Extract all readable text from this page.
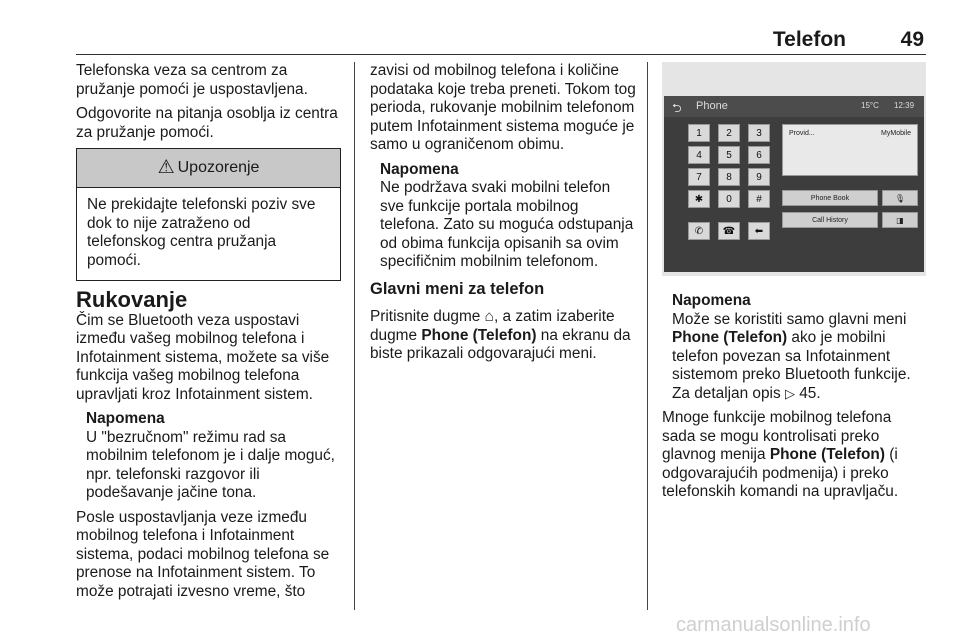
Telefon	49

Telefonska veza sa centrom za pružanje pomoći je uspostavljena.

Odgovorite na pitanja osoblja iz centra za pružanje pomoći.

⚠ Upozorenje
Ne prekidajte telefonski poziv sve dok to nije zatraženo od telefonskog centra pružanja pomoći.
Rukovanje

Čim se Bluetooth veza uspostavi između vašeg mobilnog telefona i Infotainment sistema, možete sa više funkcija vašeg mobilnog telefona upravljati kroz Infotainment sistem.

Napomena
U "bezručnom" režimu rad sa mobilnim telefonom je i dalje moguć, npr. telefonski razgovor ili podešavanje jačine tona.

Posle uspostavljanja veze između mobilnog telefona i Infotainment sistema, podaci mobilnog telefona se prenose na Infotainment sistem. To može potrajati izvesno vreme, što

zavisi od mobilnog telefona i količine podataka koje treba preneti. Tokom tog perioda, rukovanje mobilnim telefonom putem Infotainment sistema moguće je samo u ograničenom obimu.

Napomena
Ne podržava svaki mobilni telefon sve funkcije portala mobilnog telefona. Zato su moguća odstupanja od obima funkcija opisanih sa ovim specifičnim mobilnim telefonom.
Glavni meni za telefon

Pritisnite dugme ⌂, a zatim izaberite dugme Phone (Telefon) na ekranu da biste prikazali odgovarajući meni.

⮌ Phone	15°C 12:39
1	2	3
4	5	6
7	8	9
✱	0	#
✆	☎	⬅
Provid...	MyMobile
Phone Book
Call History
🎙
◨
Napomena
Može se koristiti samo glavni meni Phone (Telefon) ako je mobilni telefon povezan sa Infotainment sistemom preko Bluetooth funkcije. Za detaljan opis ▷ 45.

Mnoge funkcije mobilnog telefona sada se mogu kontrolisati preko glavnog menija Phone (Telefon) (i odgovarajućih podmenija) i preko telefonskih komandi na upravljaču.

carmanualsonline.info
